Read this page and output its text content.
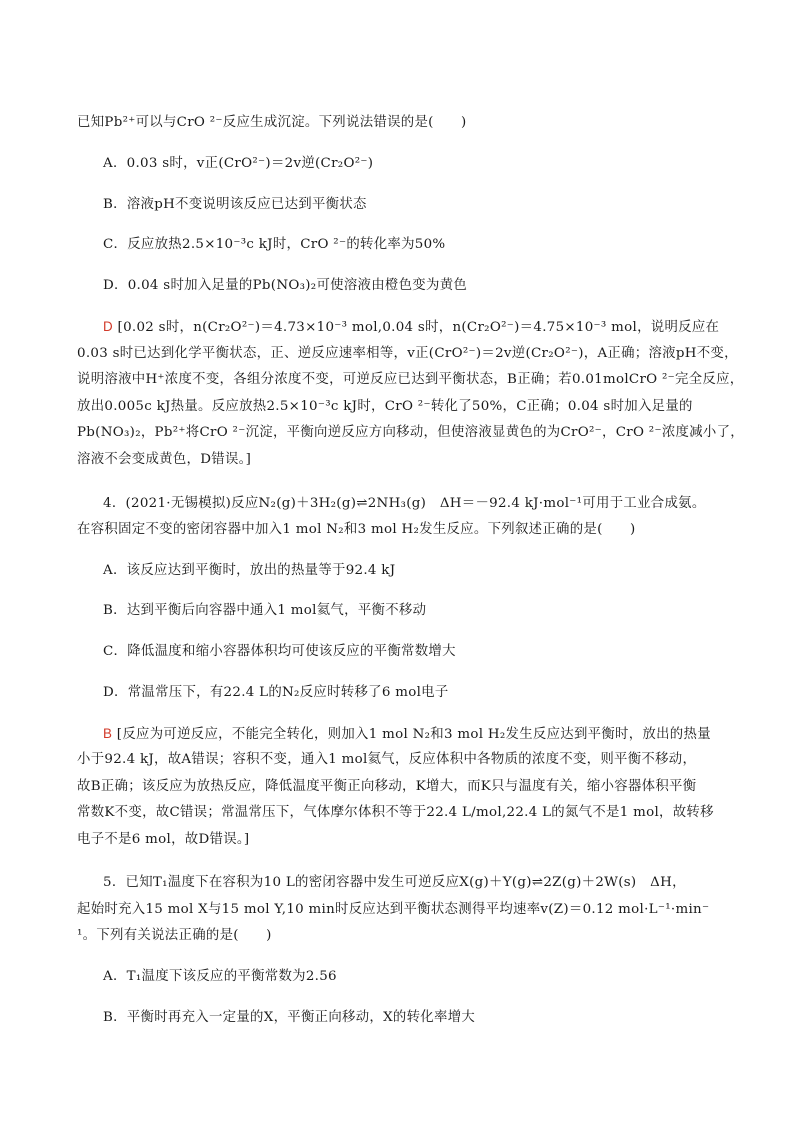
已知Pb²⁺可以与CrO ²⁻反应生成沉淀。下列说法错误的是(　　)
A．0.03 s时，v正(CrO²⁻)＝2v逆(Cr₂O²⁻)
B．溶液pH不变说明该反应已达到平衡状态
C．反应放热2.5×10⁻³c kJ时，CrO ²⁻的转化率为50%
D．0.04 s时加入足量的Pb(NO₃)₂可使溶液由橙色变为黄色
D [0.02 s时，n(Cr₂O²⁻)＝4.73×10⁻³ mol,0.04 s时，n(Cr₂O²⁻)＝4.75×10⁻³ mol，说明反应在
0.03 s时已达到化学平衡状态，正、逆反应速率相等，v正(CrO²⁻)＝2v逆(Cr₂O²⁻)，A正确；溶液pH不变，
说明溶液中H⁺浓度不变，各组分浓度不变，可逆反应已达到平衡状态，B正确；若0.01molCrO ²⁻完全反应，
放出0.005c kJ热量。反应放热2.5×10⁻³c kJ时，CrO ²⁻转化了50%，C正确；0.04 s时加入足量的
Pb(NO₃)₂，Pb²⁺将CrO ²⁻沉淀，平衡向逆反应方向移动，但使溶液显黄色的为CrO²⁻，CrO ²⁻浓度减小了，
溶液不会变成黄色，D错误。]
4．(2021·无锡模拟)反应N₂(g)＋3H₂(g)⇌2NH₃(g)　ΔH＝－92.4 kJ·mol⁻¹可用于工业合成氨。
在容积固定不变的密闭容器中加入1 mol N₂和3 mol H₂发生反应。下列叙述正确的是(　　)
A．该反应达到平衡时，放出的热量等于92.4 kJ
B．达到平衡后向容器中通入1 mol氦气，平衡不移动
C．降低温度和缩小容器体积均可使该反应的平衡常数增大
D．常温常压下，有22.4 L的N₂反应时转移了6 mol电子
B [反应为可逆反应，不能完全转化，则加入1 mol N₂和3 mol H₂发生反应达到平衡时，放出的热量
小于92.4 kJ，故A错误；容积不变，通入1 mol氦气，反应体积中各物质的浓度不变，则平衡不移动，
故B正确；该反应为放热反应，降低温度平衡正向移动，K增大，而K只与温度有关，缩小容器体积平衡
常数K不变，故C错误；常温常压下，气体摩尔体积不等于22.4 L/mol,22.4 L的氮气不是1 mol，故转移
电子不是6 mol，故D错误。]
5．已知T₁温度下在容积为10 L的密闭容器中发生可逆反应X(g)＋Y(g)⇌2Z(g)＋2W(s)　ΔH，
起始时充入15 mol X与15 mol Y,10 min时反应达到平衡状态测得平均速率v(Z)＝0.12 mol·L⁻¹·min⁻
¹。下列有关说法正确的是(　　)
A．T₁温度下该反应的平衡常数为2.56
B．平衡时再充入一定量的X，平衡正向移动，X的转化率增大
